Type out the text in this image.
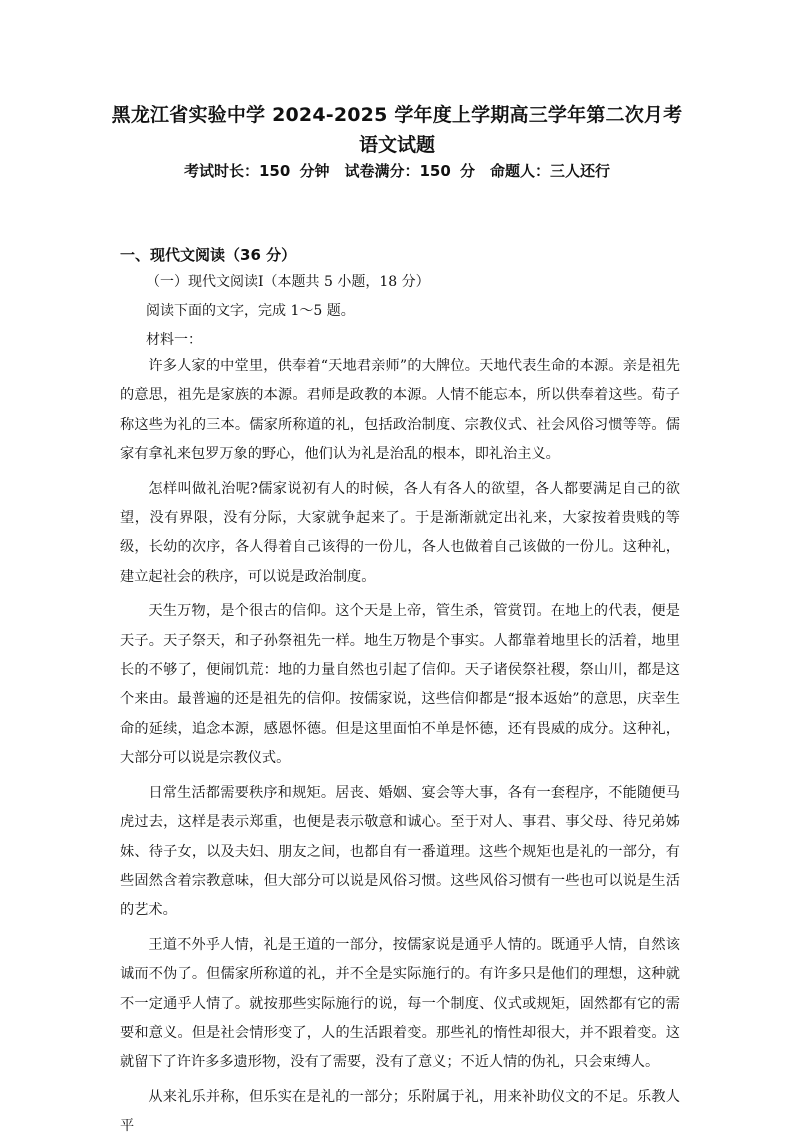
黑龙江省实验中学 2024-2025 学年度上学期高三学年第二次月考
语文试题
考试时长：150 分钟　试卷满分：150 分　命题人：三人还行
一、现代文阅读（36 分）
（一）现代文阅读Ⅰ（本题共 5 小题，18 分）
阅读下面的文字，完成 1～5 题。
材料一：

许多人家的中堂里，供奉着“天地君亲师”的大牌位。天地代表生命的本源。亲是祖先的意思，祖先是家族的本源。君师是政教的本源。人情不能忘本，所以供奉着这些。荀子称这些为礼的三本。儒家所称道的礼，包括政治制度、宗教仪式、社会风俗习惯等等。儒家有拿礼来包罗万象的野心，他们认为礼是治乱的根本，即礼治主义。

怎样叫做礼治呢?儒家说初有人的时候，各人有各人的欲望，各人都要满足自己的欲望，没有界限，没有分际，大家就争起来了。于是渐渐就定出礼来，大家按着贵贱的等级，长幼的次序，各人得着自己该得的一份儿，各人也做着自己该做的一份儿。这种礼，建立起社会的秩序，可以说是政治制度。

天生万物，是个很古的信仰。这个天是上帝，管生杀，管赏罚。在地上的代表，便是天子。天子祭天，和子孙祭祖先一样。地生万物是个事实。人都靠着地里长的活着，地里长的不够了，便闹饥荒：地的力量自然也引起了信仰。天子诸侯祭社稷，祭山川，都是这个来由。最普遍的还是祖先的信仰。按儒家说，这些信仰都是“报本返始”的意思，庆幸生命的延续，追念本源，感恩怀德。但是这里面怕不单是怀德，还有畏威的成分。这种礼，大部分可以说是宗教仪式。

日常生活都需要秩序和规矩。居丧、婚姻、宴会等大事，各有一套程序，不能随便马虎过去，这样是表示郑重，也便是表示敬意和诚心。至于对人、事君、事父母、待兄弟姊妹、待子女，以及夫妇、朋友之间，也都自有一番道理。这些个规矩也是礼的一部分，有些固然含着宗教意味，但大部分可以说是风俗习惯。这些风俗习惯有一些也可以说是生活的艺术。

王道不外乎人情，礼是王道的一部分，按儒家说是通乎人情的。既通乎人情，自然该诚而不伪了。但儒家所称道的礼，并不全是实际施行的。有许多只是他们的理想，这种就不一定通乎人情了。就按那些实际施行的说，每一个制度、仪式或规矩，固然都有它的需要和意义。但是社会情形变了，人的生活跟着变。那些礼的惰性却很大，并不跟着变。这就留下了许许多多遗形物，没有了需要，没有了意义；不近人情的伪礼，只会束缚人。

从来礼乐并称，但乐实在是礼的一部分；乐附属于礼，用来补助仪文的不足。乐教人平
